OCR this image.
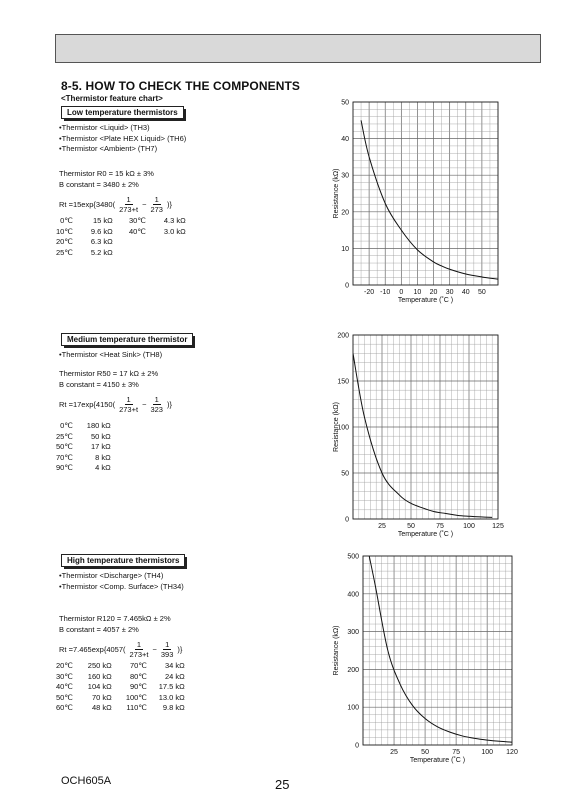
8-5. HOW TO CHECK THE COMPONENTS
<Thermistor feature chart>
Low temperature thermistors
• Thermistor <Liquid> (TH3)
• Thermistor <Plate HEX Liquid> (TH6)
• Thermistor <Ambient> (TH7)
Thermistor R0 = 15 kΩ ± 3%
B constant = 3480 ± 2%
$Rt =15\exp\{3480( \frac{1}{273+t} - \frac{1}{273}$ )}
0℃	15 kΩ	30℃	4.3 kΩ
10℃	9.6 kΩ	40℃	3.0 kΩ
20℃	6.3 kΩ		
25℃	5.2 kΩ		
Medium temperature thermistor
• Thermistor <Heat Sink> (TH8)
Thermistor R50 = 17 kΩ ± 2%
B constant = 4150 ± 3%
$Rt =17\exp\{4150( \frac{1}{273+t} - \frac{1}{323}$ )}
0℃	180 kΩ
25℃	50 kΩ
50℃	17 kΩ
70℃	8 kΩ
90℃	4 kΩ
High temperature thermistors
• Thermistor <Discharge> (TH4)
• Thermistor <Comp. Surface> (TH34)
Thermistor R120 = 7.465kΩ ± 2%
B constant = 4057 ± 2%
$Rt =7.465\exp\{4057( \frac{1}{273+t} - \frac{1}{393}$ )}
20℃	250 kΩ	70℃	34 kΩ
30℃	160 kΩ	80℃	24 kΩ
40℃	104 kΩ	90℃	17.5 kΩ
50℃	70 kΩ	100℃	13.0 kΩ
60℃	48 kΩ	110℃	9.8 kΩ
0
10
20
30
40
50
-20 -10 0 10 20 30 40 50
Temperature (˚C )
Resistance (kΩ)
0
50
100
150
200
25	50	75	100 125
Temperature (˚C )
Resistance (kΩ)
0
100
200
300
400
500
25	50	75	100 120
Temperature (˚C )
Resistance (kΩ)
OCH605A	25
